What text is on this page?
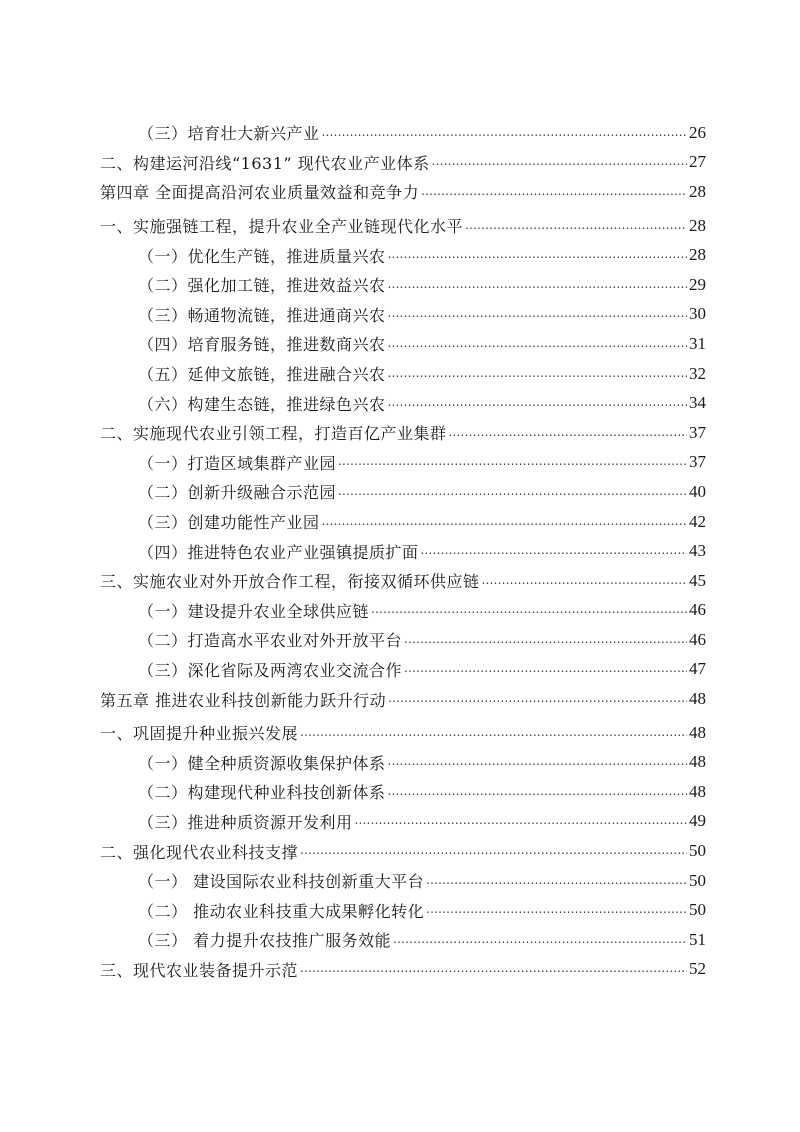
（三）培育壮大新兴产业 .....	26
二、构建运河沿线“1631” 现代农业产业体系 .....	27
第四章 全面提高沿河农业质量效益和竞争力 .....	28
一、实施强链工程，提升农业全产业链现代化水平 .....	28
（一）优化生产链，推进质量兴农 .....	28
（二）强化加工链，推进效益兴农 .....	29
（三）畅通物流链，推进通商兴农 .....	30
（四）培育服务链，推进数商兴农 .....	31
（五）延伸文旅链，推进融合兴农 .....	32
（六）构建生态链，推进绿色兴农 .....	34
二、实施现代农业引领工程，打造百亿产业集群 .....	37
（一）打造区域集群产业园 .....	37
（二）创新升级融合示范园 .....	40
（三）创建功能性产业园 .....	42
（四）推进特色农业产业强镇提质扩面 .....	43
三、实施农业对外开放合作工程，衔接双循环供应链 .....	45
（一）建设提升农业全球供应链 .....	46
（二）打造高水平农业对外开放平台 .....	46
（三）深化省际及两湾农业交流合作 .....	47
第五章 推进农业科技创新能力跃升行动 .....	48
一、巩固提升种业振兴发展 .....	48
（一）健全种质资源收集保护体系 .....	48
（二）构建现代种业科技创新体系 .....	48
（三）推进种质资源开发利用 .....	49
二、强化现代农业科技支撑 .....	50
（一） 建设国际农业科技创新重大平台 .....	50
（二） 推动农业科技重大成果孵化转化 .....	50
（三） 着力提升农技推广服务效能 .....	51
三、现代农业装备提升示范 .....	52
